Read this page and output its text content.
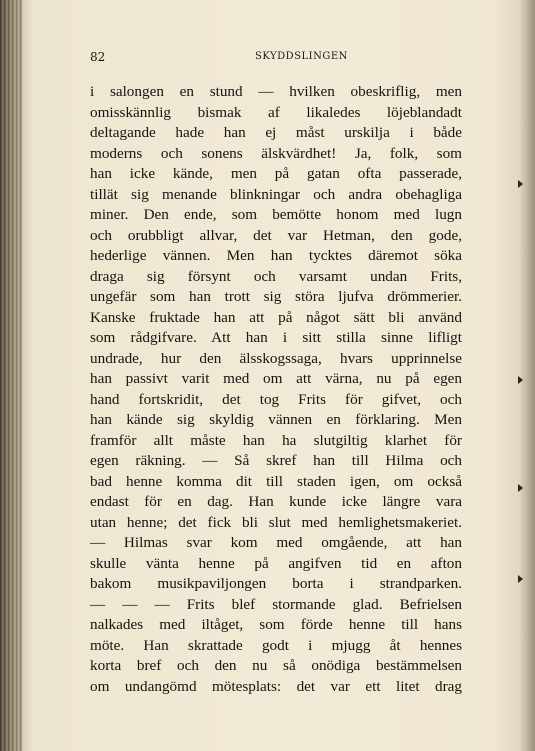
82	SKYDDSLINGEN
i salongen en stund — hvilken obeskriflig, men
omisskännlig bismak af likaledes löjeblandadt
deltagande hade han ej måst urskilja i både
moderns och sonens älskvärdhet! Ja, folk, som
han icke kände, men på gatan ofta passerade,
tillät sig menande blinkningar och andra obehagliga
miner. Den ende, som bemötte honom med lugn
och orubbligt allvar, det var Hetman, den gode,
hederlige vännen. Men han tycktes däremot söka
draga sig försynt och varsamt undan Frits,
ungefär som han trott sig störa ljufva drömmerier.
Kanske fruktade han att på något sätt bli använd
som rådgifvare. Att han i sitt stilla sinne lifligt
undrade, hur den älsskogssaga, hvars upprinnelse
han passivt varit med om att värna, nu på egen
hand fortskridit, det tog Frits för gifvet, och
han kände sig skyldig vännen en förklaring. Men
framför allt måste han ha slutgiltig klarhet för
egen räkning. — Så skref han till Hilma och
bad henne komma dit till staden igen, om också
endast för en dag. Han kunde icke längre vara
utan henne; det fick bli slut med hemlighetsmakeriet.
— Hilmas svar kom med omgående, att han
skulle vänta henne på angifven tid en afton
bakom musikpaviljongen borta i strandparken.
— — — Frits blef stormande glad. Befrielsen
nalkades med iltåget, som förde henne till hans
möte. Han skrattade godt i mjugg åt hennes
korta bref och den nu så onödiga bestämmelsen
om undangömd mötesplats: det var ett litet drag
